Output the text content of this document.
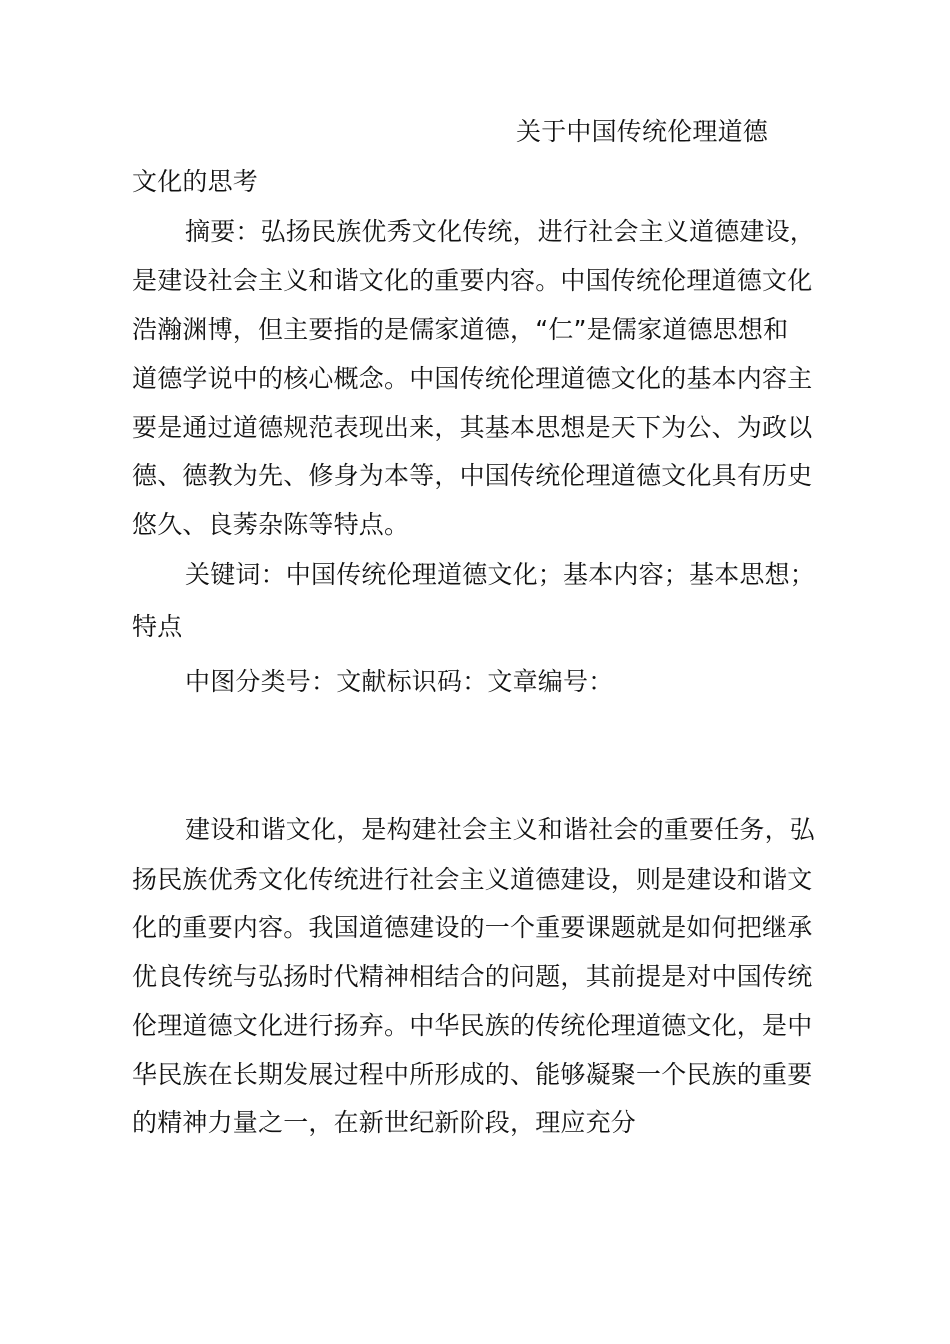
关于中国传统伦理道德
文化的思考
摘要：弘扬民族优秀文化传统，进行社会主义道德建设，
是建设社会主义和谐文化的重要内容。中国传统伦理道德文化
浩瀚渊博，但主要指的是儒家道德，“仁”是儒家道德思想和
道德学说中的核心概念。中国传统伦理道德文化的基本内容主
要是通过道德规范表现出来，其基本思想是天下为公、为政以
德、德教为先、修身为本等，中国传统伦理道德文化具有历史
悠久、良莠杂陈等特点。
关键词：中国传统伦理道德文化；基本内容；基本思想；
特点
中图分类号：文献标识码：文章编号：
建设和谐文化，是构建社会主义和谐社会的重要任务，弘
扬民族优秀文化传统进行社会主义道德建设，则是建设和谐文
化的重要内容。我国道德建设的一个重要课题就是如何把继承
优良传统与弘扬时代精神相结合的问题，其前提是对中国传统
伦理道德文化进行扬弃。中华民族的传统伦理道德文化，是中
华民族在长期发展过程中所形成的、能够凝聚一个民族的重要
的精神力量之一，在新世纪新阶段，理应充分
